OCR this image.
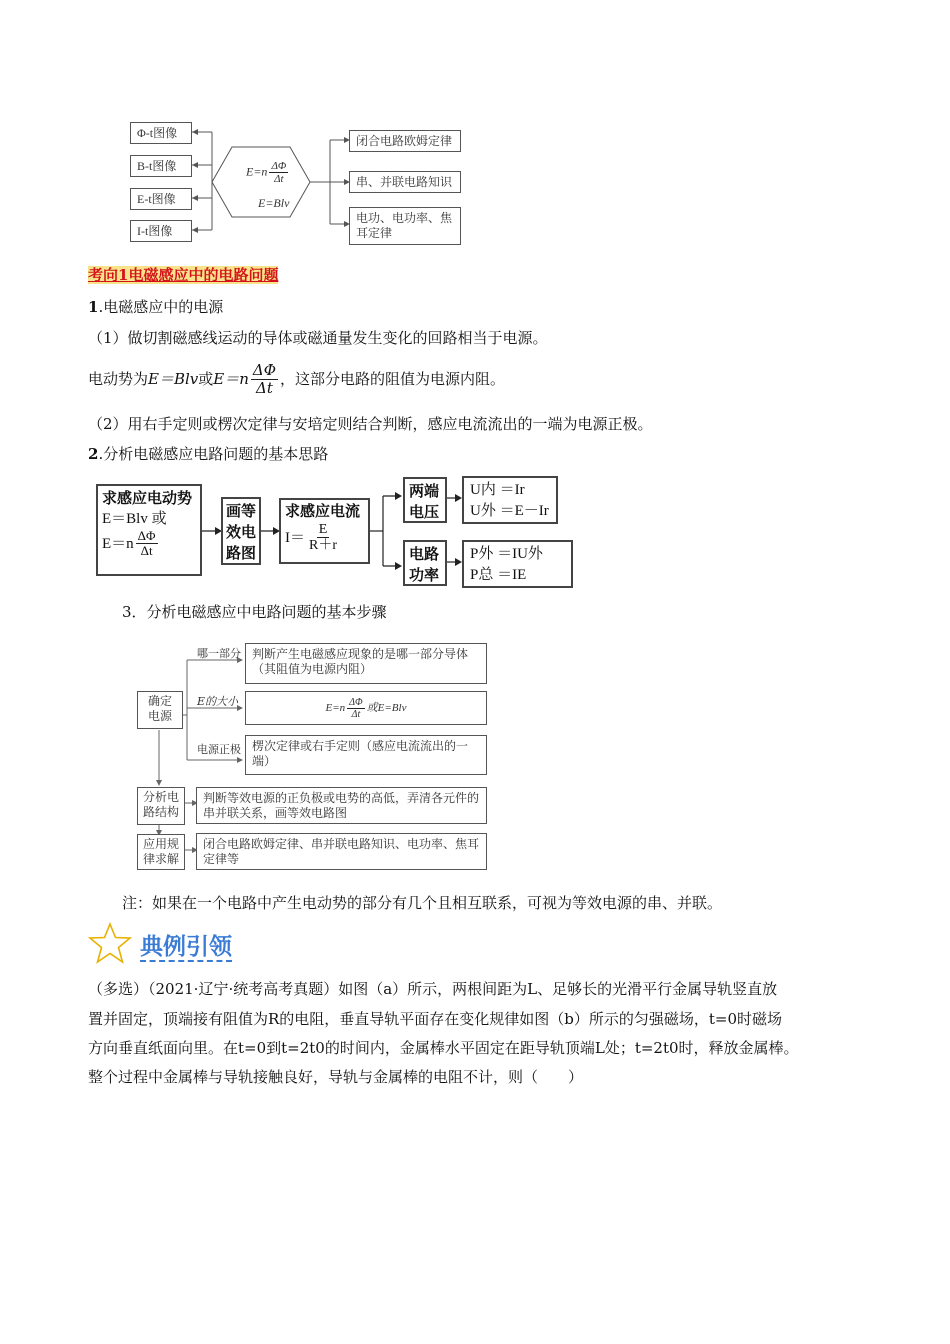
Φ-t图像
B-t图像
E-t图像
I-t图像
$E=n \frac{\Delta\Phi}{\Delta t}$
E=Blv
闭合电路欧姆定律
串、并联电路知识
电功、电功率、焦耳定律
考向1电磁感应中的电路问题
1.电磁感应中的电源
（1）做切割磁感线运动的导体或磁通量发生变化的回路相当于电源。
电动势为 E＝Blv 或 $E=n \frac{\Delta\Phi}{\Delta t}$ ，这部分电路的阻值为电源内阻。
（2）用右手定则或楞次定律与安培定则结合判断，感应电流流出的一端为电源正极。
2.分析电磁感应电路问题的基本思路
求感应电动势
E＝Blv 或
$E=n \frac{\Delta\Phi}{\Delta t}$
画等效电路图
求感应电流
$I= \frac{E}{R+r}$
两端电压
U内 ＝Ir
U外 ＝E－Ir
电路功率
P外 ＝IU外
P总 ＝IE
3．分析电磁感应中电路问题的基本步骤
确定电源
哪一部分
E的大小
电源正极
判断产生电磁感应现象的是哪一部分导体（其阻值为电源内阻）
$E=n \frac{\Delta\Phi}{\Delta t}$ 或E=Blv
楞次定律或右手定则（感应电流流出的一端）
分析电路结构
判断等效电源的正负极或电势的高低，弄清各元件的串并联关系，画等效电路图
应用规律求解
闭合电路欧姆定律、串并联电路知识、电功率、焦耳定律等
注：如果在一个电路中产生电动势的部分有几个且相互联系，可视为等效电源的串、并联。
典例引领
（多选）（2021·辽宁·统考高考真题）如图（a）所示，两根间距为L、足够长的光滑平行金属导轨竖直放
置并固定，顶端接有阻值为R的电阻，垂直导轨平面存在变化规律如图（b）所示的匀强磁场，t=0时磁场
方向垂直纸面向里。在t=0到t=2t0的时间内，金属棒水平固定在距导轨顶端L处；t=2t0时，释放金属棒。
整个过程中金属棒与导轨接触良好，导轨与金属棒的电阻不计，则（　　）
